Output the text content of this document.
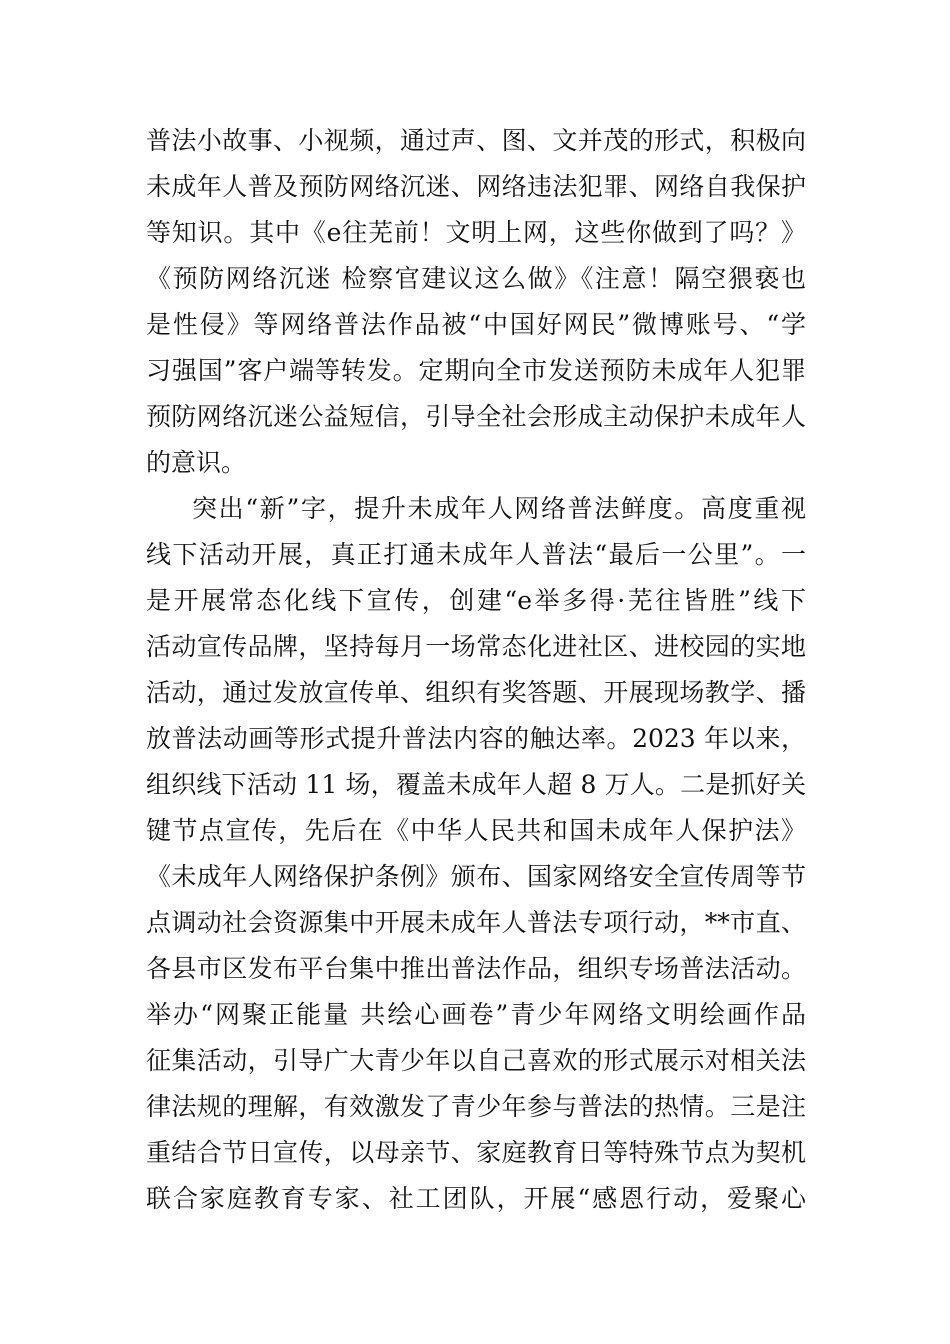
普法小故事、小视频，通过声、图、文并茂的形式，积极向
未成年人普及预防网络沉迷、网络违法犯罪、网络自我保护
等知识。其中《e往芜前！文明上网，这些你做到了吗？》
《预防网络沉迷 检察官建议这么做》《注意！隔空猥亵也
是性侵》等网络普法作品被“中国好网民”微博账号、“学
习强国”客户端等转发。定期向全市发送预防未成年人犯罪
预防网络沉迷公益短信，引导全社会形成主动保护未成年人
的意识。
突出“新”字，提升未成年人网络普法鲜度。高度重视
线下活动开展，真正打通未成年人普法“最后一公里”。一
是开展常态化线下宣传，创建“e举多得·芜往皆胜”线下
活动宣传品牌，坚持每月一场常态化进社区、进校园的实地
活动，通过发放宣传单、组织有奖答题、开展现场教学、播
放普法动画等形式提升普法内容的触达率。2023 年以来，
组织线下活动 11 场，覆盖未成年人超 8 万人。二是抓好关
键节点宣传，先后在《中华人民共和国未成年人保护法》
《未成年人网络保护条例》颁布、国家网络安全宣传周等节
点调动社会资源集中开展未成年人普法专项行动，**市直、
各县市区发布平台集中推出普法作品，组织专场普法活动。
举办“网聚正能量 共绘心画卷”青少年网络文明绘画作品
征集活动，引导广大青少年以自己喜欢的形式展示对相关法
律法规的理解，有效激发了青少年参与普法的热情。三是注
重结合节日宣传，以母亲节、家庭教育日等特殊节点为契机
联合家庭教育专家、社工团队，开展“感恩行动，爱聚心
